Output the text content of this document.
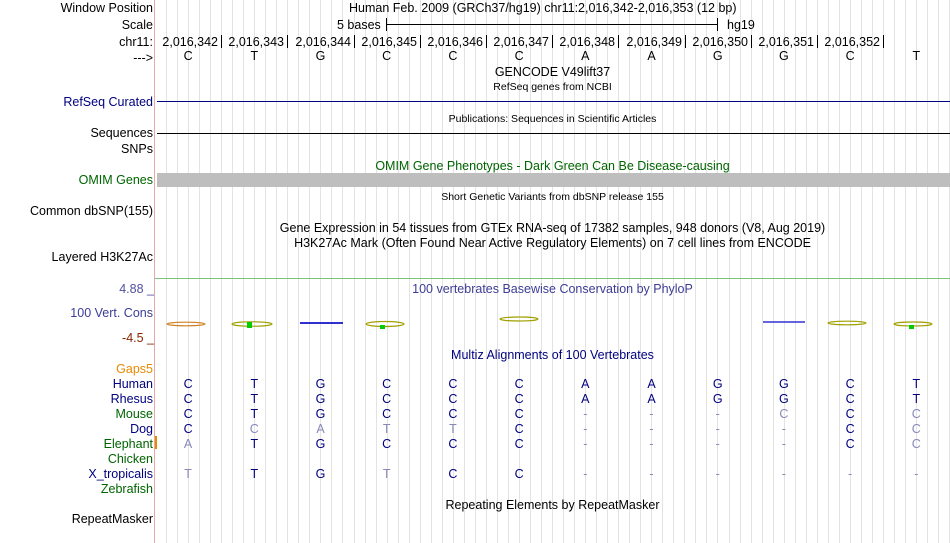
Window Position	Human Feb. 2009 (GRCh37/hg19) chr11:2,016,342-2,016,353 (12 bp)
Scale	5 bases	hg19
chr11: 2,016,342 2,016,343 2,016,344 2,016,345 2,016,346 2,016,347 2,016,348 2,016,349 2,016,350 2,016,351 2,016,352
--->	C	T	G	C	C	C	A	A	G	G	C	T
GENCODE V49lift37
RefSeq genes from NCBI
RefSeq Curated
Publications: Sequences in Scientific Articles
Sequences
SNPs
OMIM Gene Phenotypes - Dark Green Can Be Disease-causing
OMIM Genes
Short Genetic Variants from dbSNP release 155
Common dbSNP(155)
Gene Expression in 54 tissues from GTEx RNA-seq of 17382 samples, 948 donors (V8, Aug 2019)
H3K27Ac Mark (Often Found Near Active Regulatory Elements) on 7 cell lines from ENCODE
Layered H3K27Ac
4.88 _	100 vertebrates Basewise Conservation by PhyloP
100 Vert. Cons
-4.5 _
Multiz Alignments of 100 Vertebrates
Gaps5
Human	C	T	G	C	C	C	A	A	G	G	C	T
Rhesus	C	T	G	C	C	C	A	A	G	G	C	T
Mouse	C	T	G	C	C	C	-	-	-	C	C	C
Dog	C	C	A	T	T	C	-	-	-	-	C	C
Elephant	A	T	G	C	C	C	-	-	-	-	C	C
Chicken
X_tropicalis	T	T	G	T	C	C	-	-	-	-	-	-
Zebrafish
Repeating Elements by RepeatMasker
RepeatMasker
